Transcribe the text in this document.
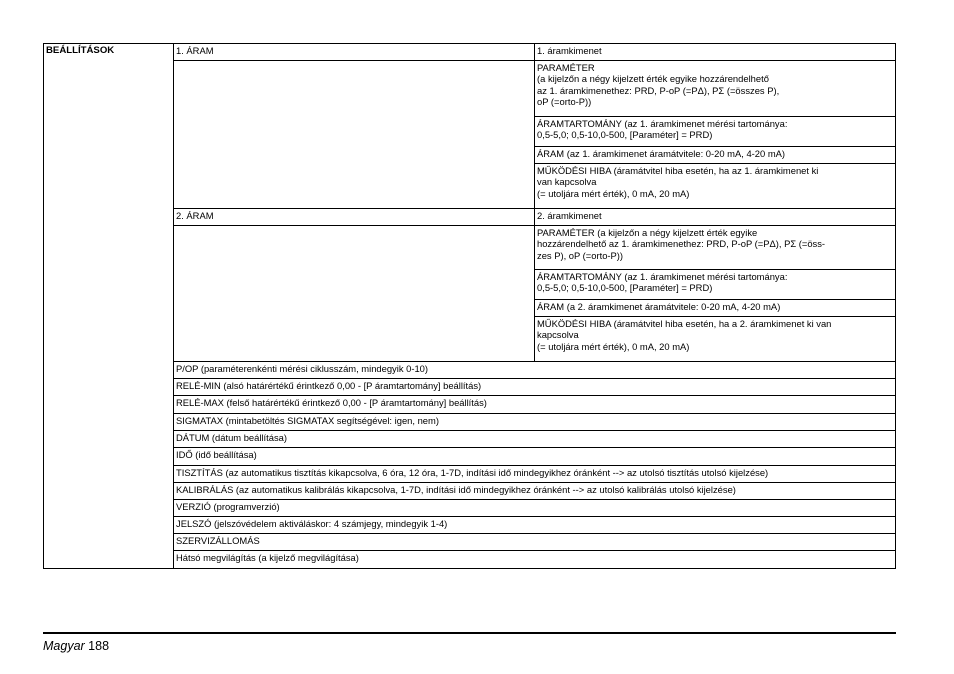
BEÁLLÍTÁSOK	1. ÁRAM	1. áramkimenet
		PARAMÉTER
(a kijelzőn a négy kijelzett érték egyike hozzárendelhető
az 1. áramkimenethez: PRD, P-oP (=PΔ), PΣ (=összes P),
oP (=orto-P))
		ÁRAMTARTOMÁNY (az 1. áramkimenet mérési tartománya:
0,5-5,0; 0,5-10,0-500, [Paraméter] = PRD)
		ÁRAM (az 1. áramkimenet áramátvitele: 0-20 mA, 4-20 mA)
		MŰKÖDÉSI HIBA (áramátvitel hiba esetén, ha az 1. áramkimenet ki
van kapcsolva
(= utoljára mért érték), 0 mA, 20 mA)
	2. ÁRAM	2. áramkimenet
		PARAMÉTER (a kijelzőn a négy kijelzett érték egyike
hozzárendelhető az 1. áramkimenethez: PRD, P-oP (=PΔ), PΣ (=öss-
zes P), oP (=orto-P))
		ÁRAMTARTOMÁNY (az 1. áramkimenet mérési tartománya:
0,5-5,0; 0,5-10,0-500, [Paraméter] = PRD)
		ÁRAM (a 2. áramkimenet áramátvitele: 0-20 mA, 4-20 mA)
		MŰKÖDÉSI HIBA (áramátvitel hiba esetén, ha a 2. áramkimenet ki van
kapcsolva
(= utoljára mért érték), 0 mA, 20 mA)
	P/OP (paraméterenkénti mérési ciklusszám, mindegyik 0-10)	
	RELÉ-MIN (alsó határértékű érintkező 0,00 - [P áramtartomány] beállítás)	
	RELÉ-MAX (felső határértékű érintkező 0,00 - [P áramtartomány] beállítás)	
	SIGMATAX (mintabetöltés SIGMATAX segítségével: igen, nem)	
	DÁTUM (dátum beállítása)	
	IDŐ (idő beállítása)	
	TISZTÍTÁS (az automatikus tisztítás kikapcsolva, 6 óra, 12 óra, 1-7D, indítási idő mindegyikhez óránként --> az utolsó tisztítás utolsó kijelzése)	
	KALIBRÁLÁS (az automatikus kalibrálás kikapcsolva, 1-7D, indítási idő mindegyikhez óránként --> az utolsó kalibrálás utolsó kijelzése)	
	VERZIÓ (programverzió)	
	JELSZÓ (jelszóvédelem aktiváláskor: 4 számjegy, mindegyik 1-4)	
	SZERVIZÁLLOMÁS	
	Hátsó megvilágítás (a kijelző megvilágítása)	
Magyar 188
